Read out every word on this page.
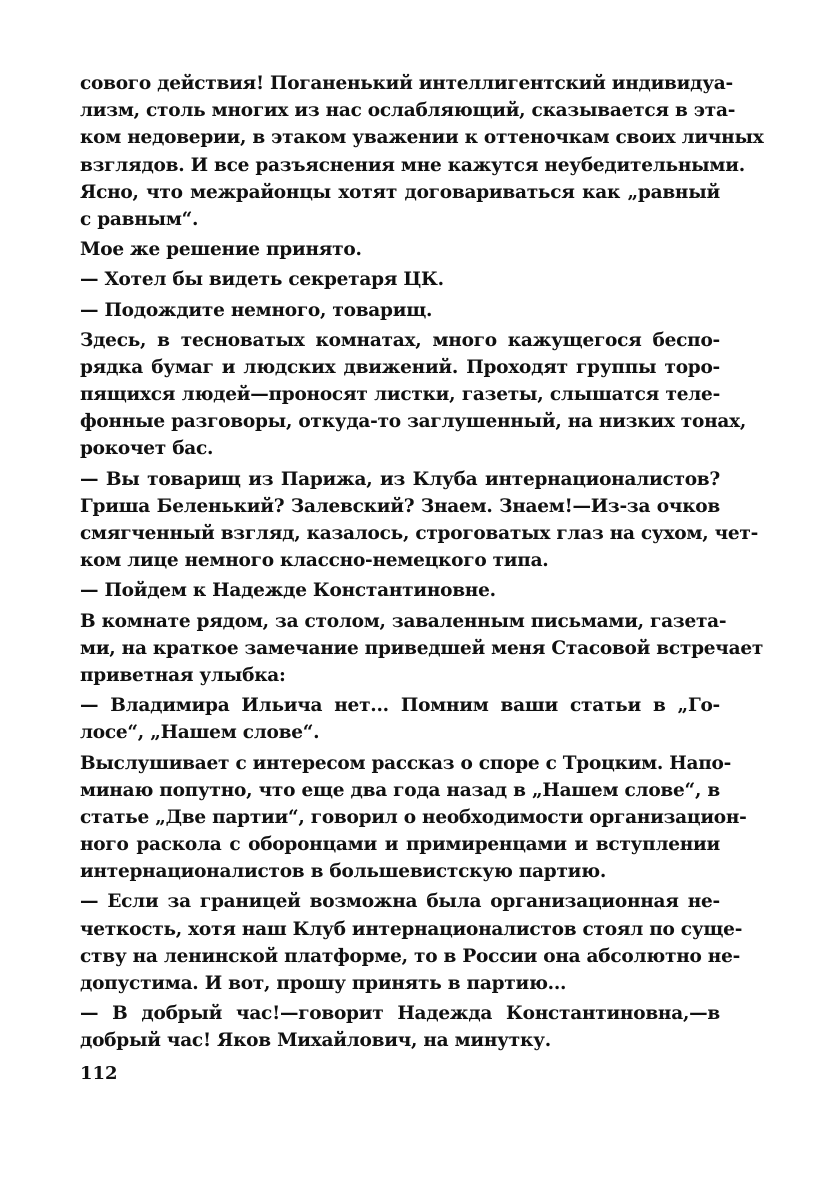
сового действия! Поганенький интеллигентский индивидуа-
лизм, столь многих из нас ослабляющий, сказывается в эта-
ком недоверии, в этаком уважении к оттеночкам своих личных
взглядов. И все разъяснения мне кажутся неубедительными.
Ясно, что межрайонцы хотят договариваться как „равный
с равным“.
Мое же решение принято.
— Хотел бы видеть секретаря ЦК.
— Подождите немного, товарищ.
Здесь, в тесноватых комнатах, много кажущегося беспо-
рядка бумаг и людских движений. Проходят группы торо-
пящихся людей—проносят листки, газеты, слышатся теле-
фонные разговоры, откуда-то заглушенный, на низких тонах,
рокочет бас.
— Вы товарищ из Парижа, из Клуба интернационалистов?
Гриша Беленький? Залевский? Знаем. Знаем!—Из-за очков
смягченный взгляд, казалось, строговатых глаз на сухом, чет-
ком лице немного классно-немецкого типа.
— Пойдем к Надежде Константиновне.
В комнате рядом, за столом, заваленным письмами, газета-
ми, на краткое замечание приведшей меня Стасовой встречает
приветная улыбка:
— Владимира Ильича нет... Помним ваши статьи в „Го-
лосе“, „Нашем слове“.
Выслушивает с интересом рассказ о споре с Троцким. Напо-
минаю попутно, что еще два года назад в „Нашем слове“, в
статье „Две партии“, говорил о необходимости организацион-
ного раскола с оборонцами и примиренцами и вступлении
интернационалистов в большевистскую партию.
— Если за границей возможна была организационная не-
четкость, хотя наш Клуб интернационалистов стоял по суще-
ству на ленинской платформе, то в России она абсолютно не-
допустима. И вот, прошу принять в партию...
— В добрый час!—говорит Надежда Константиновна,—в
добрый час! Яков Михайлович, на минутку.
112
